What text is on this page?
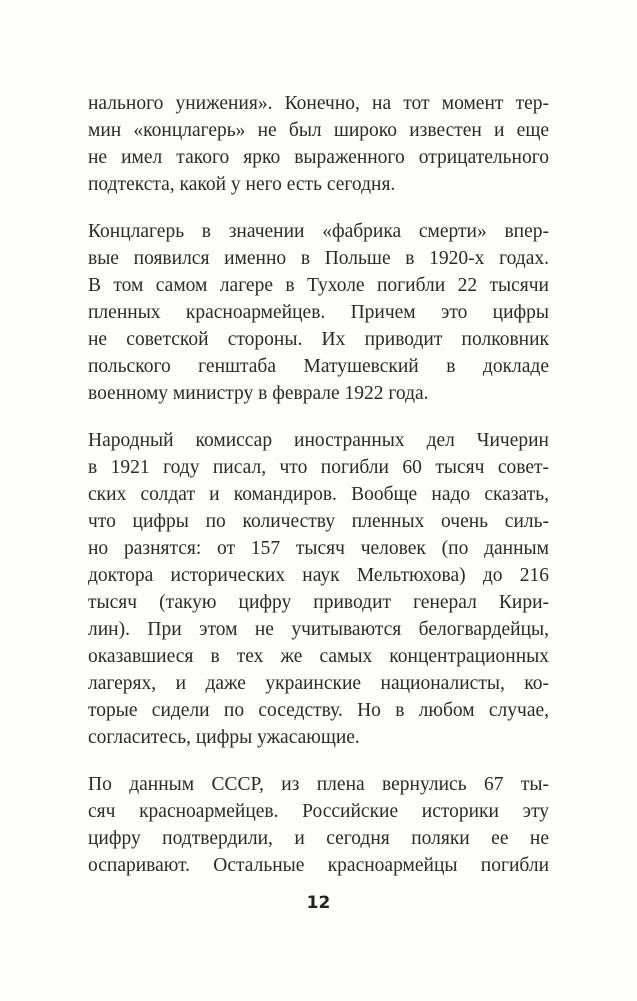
нального унижения». Конечно, на тот момент тер-
мин «концлагерь» не был широко известен и еще
не имел такого ярко выраженного отрицательного
подтекста, какой у него есть сегодня.
Концлагерь в значении «фабрика смерти» впер-
вые появился именно в Польше в 1920-х годах.
В том самом лагере в Тухоле погибли 22 тысячи
пленных красноармейцев. Причем это цифры
не советской стороны. Их приводит полковник
польского генштаба Матушевский в докладе
военному министру в феврале 1922 года.
Народный комиссар иностранных дел Чичерин
в 1921 году писал, что погибли 60 тысяч совет-
ских солдат и командиров. Вообще надо сказать,
что цифры по количеству пленных очень силь-
но разнятся: от 157 тысяч человек (по данным
доктора исторических наук Мельтюхова) до 216
тысяч (такую цифру приводит генерал Кири-
лин). При этом не учитываются белогвардейцы,
оказавшиеся в тех же самых концентрационных
лагерях, и даже украинские националисты, ко-
торые сидели по соседству. Но в любом случае,
согласитесь, цифры ужасающие.
По данным СССР, из плена вернулись 67 ты-
сяч красноармейцев. Российские историки эту
цифру подтвердили, и сегодня поляки ее не
оспаривают. Остальные красноармейцы погибли
12
